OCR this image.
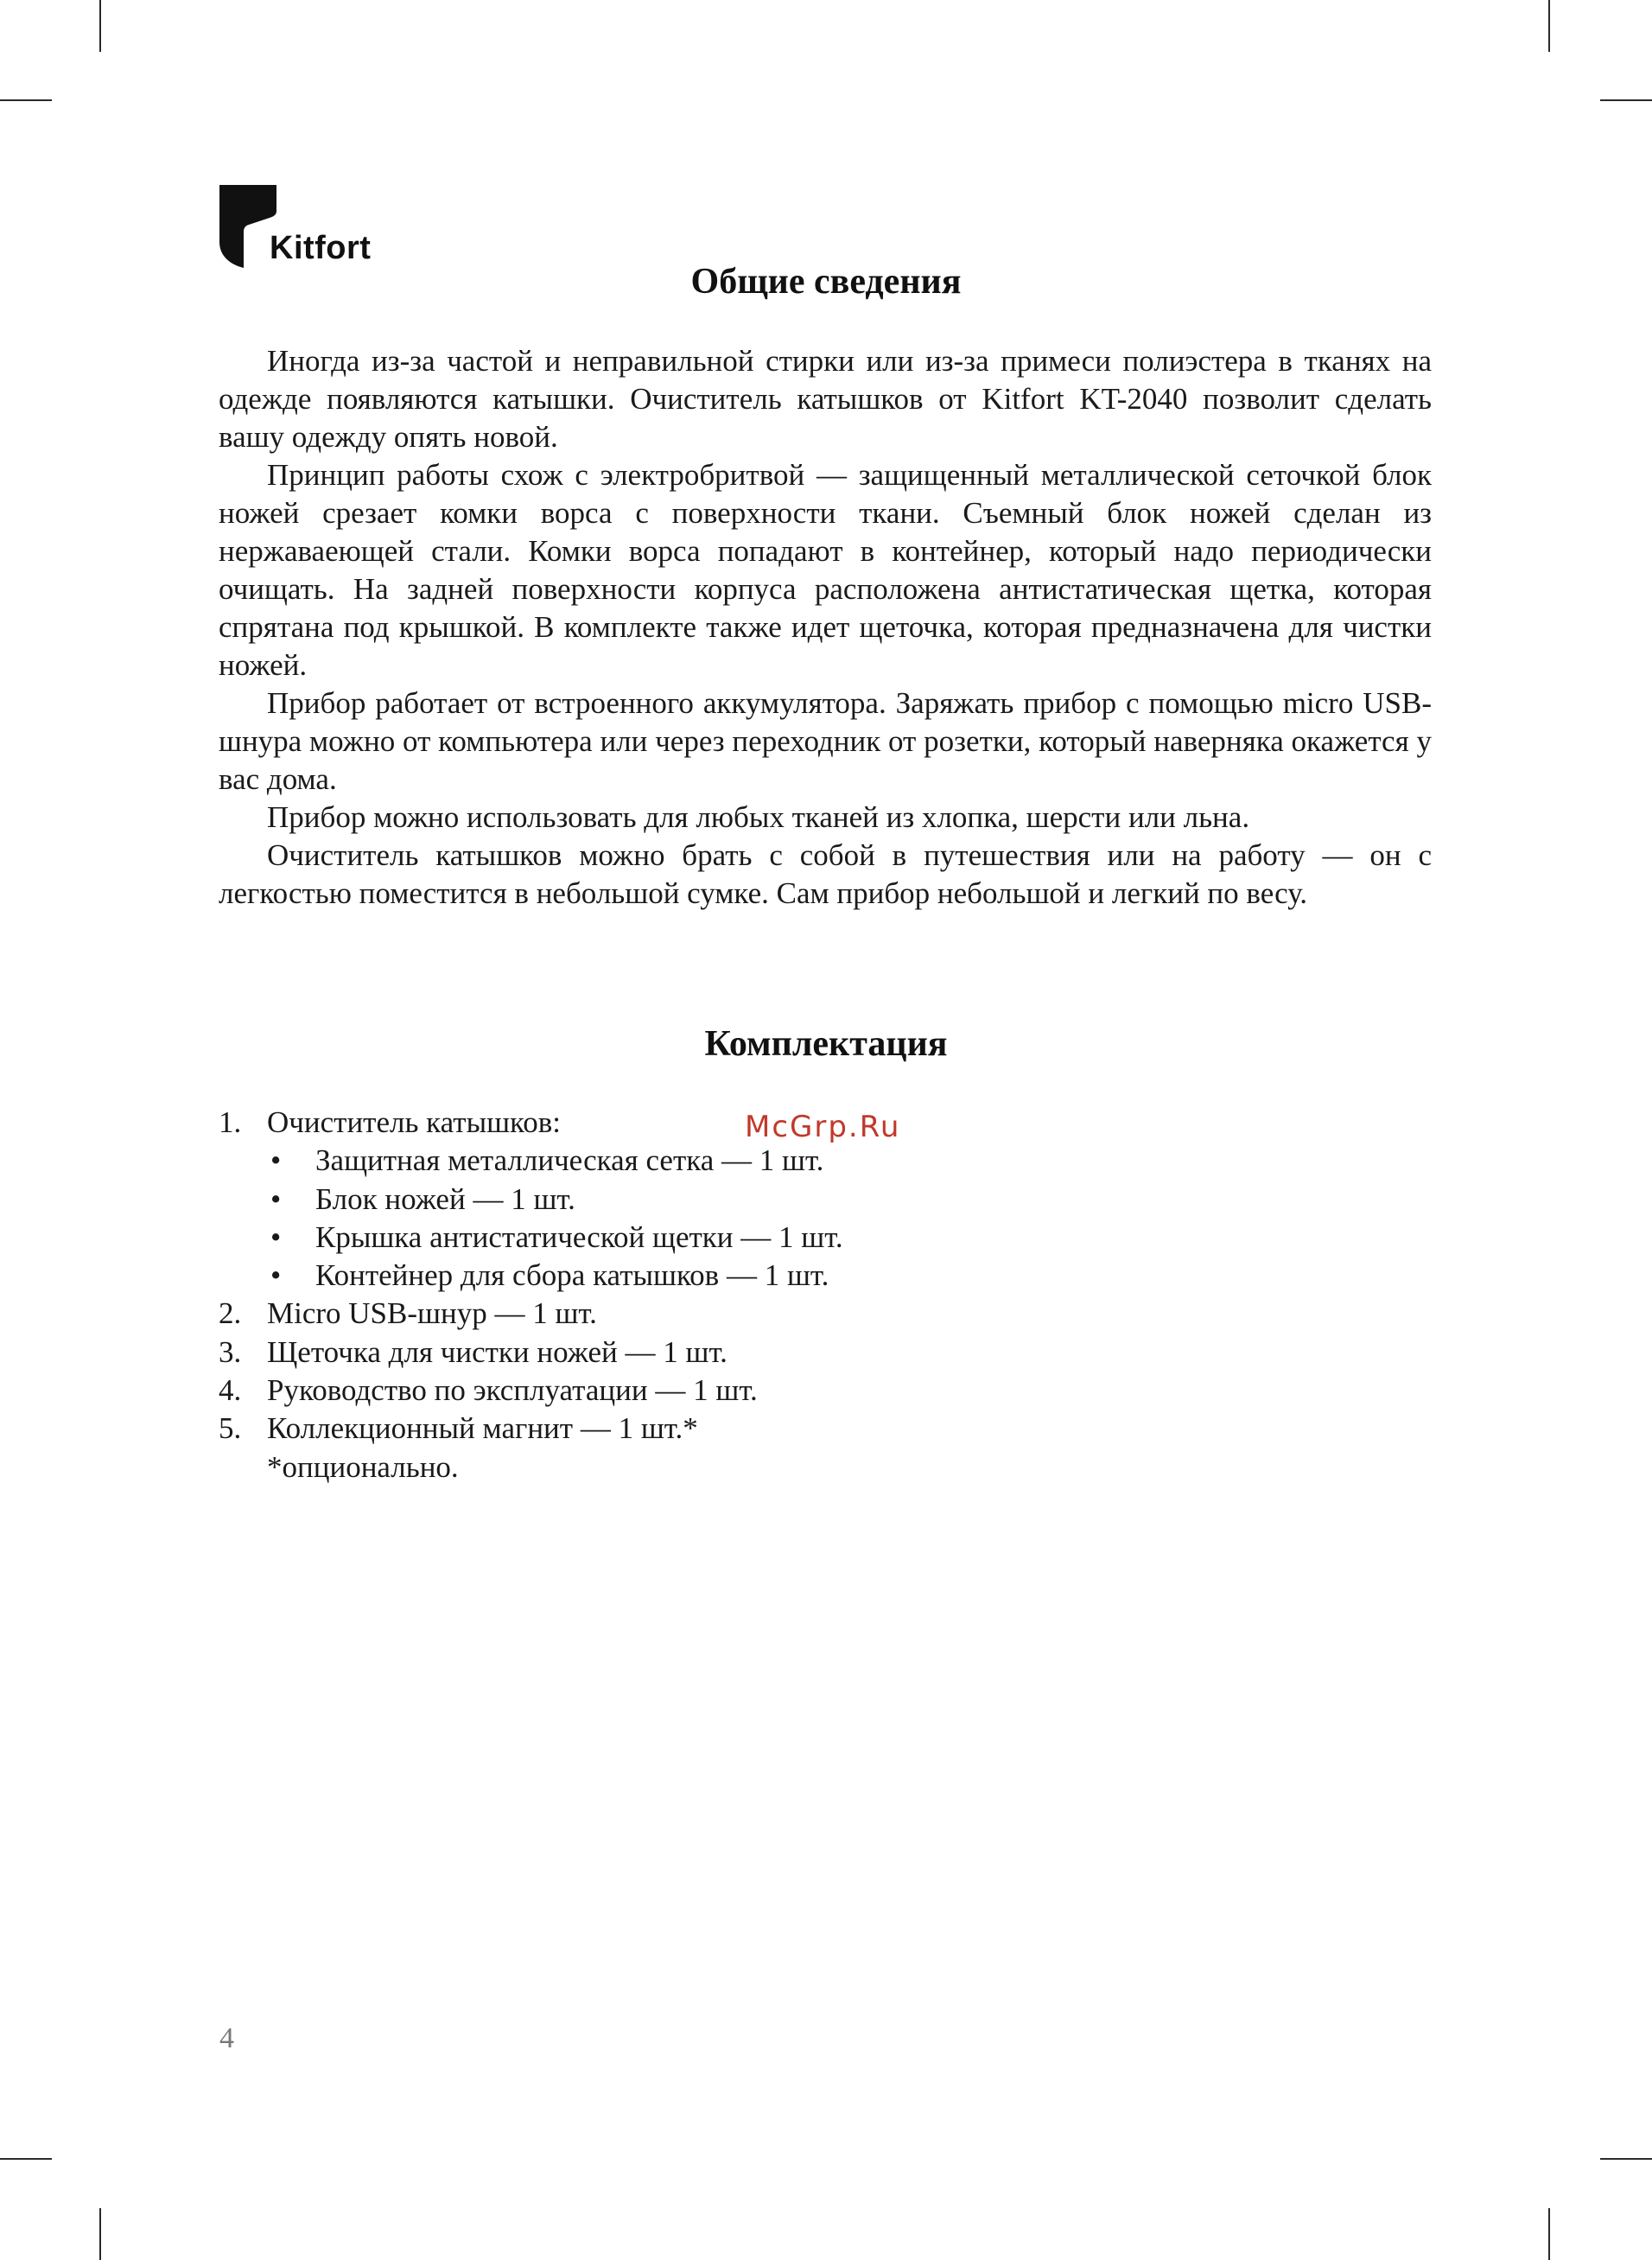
Kitfort
Общие сведения

Иногда из-за частой и неправильной стирки или из-за примеси полиэстера в тканях на одежде появляются катышки. Очиститель катышков от Kitfort KT-2040 позволит сделать вашу одежду опять новой.

Принцип работы схож с электробритвой — защищенный металлической сеточкой блок ножей срезает комки ворса с поверхности ткани. Съемный блок ножей сделан из нержаваеющей стали. Комки ворса попадают в контейнер, который надо периодически очищать. На задней поверхности корпуса расположена антистатическая щетка, которая спрятана под крышкой. В комплекте также идет щеточка, которая предназначена для чистки ножей.

Прибор работает от встроенного аккумулятора. Заряжать прибор с помощью micro USB-шнура можно от компьютера или через переходник от розетки, который наверняка окажется у вас дома.

Прибор можно использовать для любых тканей из хлопка, шерсти или льна.

Очиститель катышков можно брать с собой в путешествия или на работу — он с легкостью поместится в небольшой сумке. Сам прибор небольшой и легкий по весу.

Комплектация
1. Очиститель катышков:
•	Защитная металлическая сетка — 1 шт.
•	Блок ножей — 1 шт.
•	Крышка антистатической щетки — 1 шт.
•	Контейнер для сбора катышков — 1 шт.
2. Micro USB-шнур — 1 шт.
3. Щеточка для чистки ножей — 1 шт.
4. Руководство по эксплуатации — 1 шт.
5. Коллекционный магнит — 1 шт.*
*опционально.
McGrp.Ru
4
